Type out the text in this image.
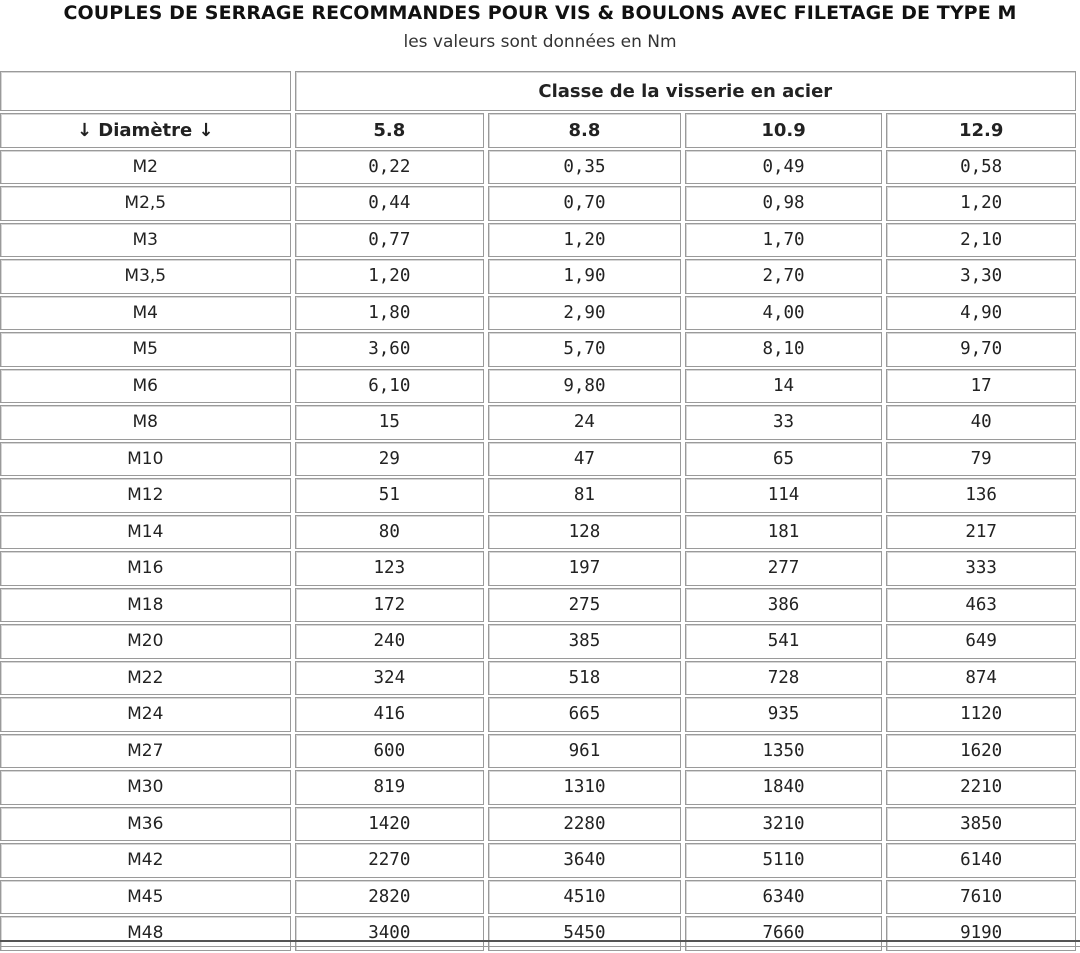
COUPLES DE SERRAGE RECOMMANDES POUR VIS & BOULONS AVEC FILETAGE DE TYPE M
les valeurs sont données en Nm
	Classe de la visserie en acier			
↓ Diamètre ↓	5.8	8.8	10.9	12.9
M2	0,22	0,35	0,49	0,58
M2,5	0,44	0,70	0,98	1,20
M3	0,77	1,20	1,70	2,10
M3,5	1,20	1,90	2,70	3,30
M4	1,80	2,90	4,00	4,90
M5	3,60	5,70	8,10	9,70
M6	6,10	9,80	14	17
M8	15	24	33	40
M10	29	47	65	79
M12	51	81	114	136
M14	80	128	181	217
M16	123	197	277	333
M18	172	275	386	463
M20	240	385	541	649
M22	324	518	728	874
M24	416	665	935	1120
M27	600	961	1350	1620
M30	819	1310	1840	2210
M36	1420	2280	3210	3850
M42	2270	3640	5110	6140
M45	2820	4510	6340	7610
M48	3400	5450	7660	9190
